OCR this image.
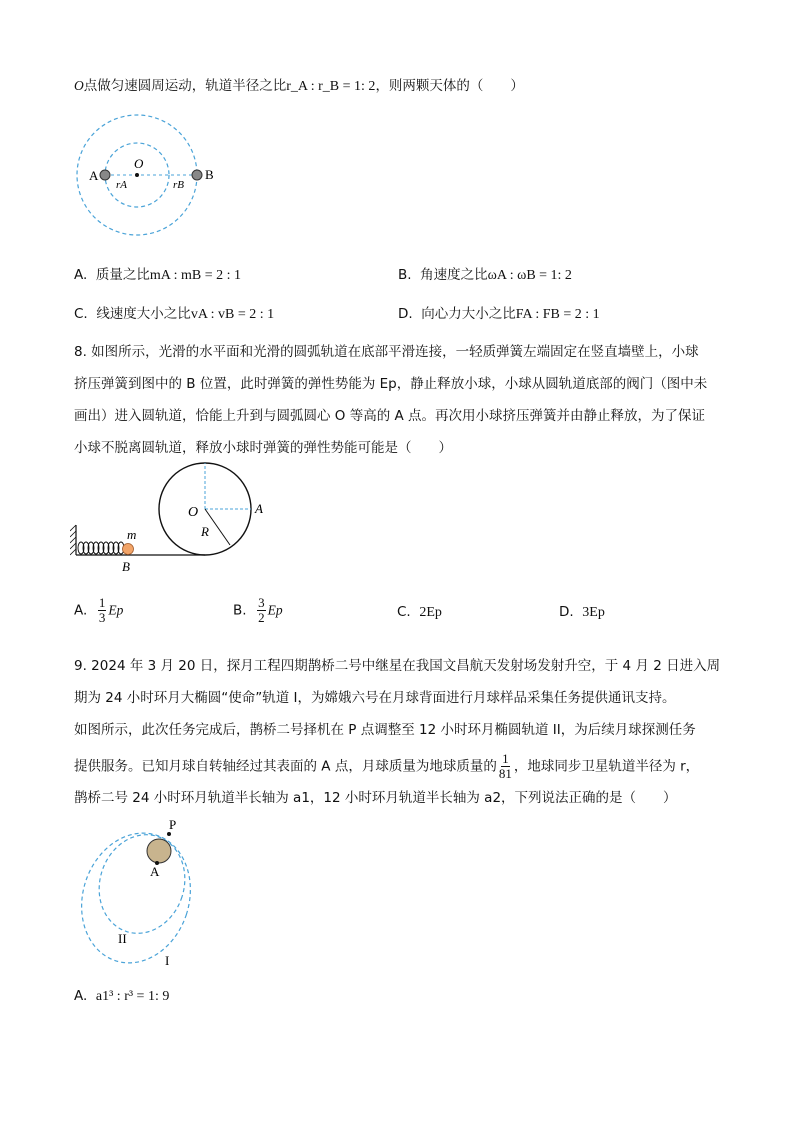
O点做匀速圆周运动，轨道半径之比r_A : r_B = 1: 2，则两颗天体的（　　）
A	B
O
rA	rB
A. 质量之比mA : mB = 2 : 1	B. 角速度之比ωA : ωB = 1: 2
C. 线速度大小之比vA : vB = 2 : 1	D. 向心力大小之比FA : FB = 2 : 1
8. 如图所示，光滑的水平面和光滑的圆弧轨道在底部平滑连接，一轻质弹簧左端固定在竖直墙壁上，小球
挤压弹簧到图中的 B 位置，此时弹簧的弹性势能为 Ep，静止释放小球，小球从圆轨道底部的阀门（图中未
画出）进入圆轨道，恰能上升到与圆弧圆心 O 等高的 A 点。再次用小球挤压弹簧并由静止释放，为了保证
小球不脱离圆轨道，释放小球时弹簧的弹性势能可能是（　　）
m
B
O	A
R
A. $\frac{1}{3}$ Ep	B. $\frac{3}{2}$ Ep	C. 2Ep	D. 3Ep
9. 2024 年 3 月 20 日，探月工程四期鹊桥二号中继星在我国文昌航天发射场发射升空，于 4 月 2 日进入周
期为 24 小时环月大椭圆“使命”轨道 I，为嫦娥六号在月球背面进行月球样品采集任务提供通讯支持。
如图所示，此次任务完成后，鹊桥二号择机在 P 点调整至 12 小时环月椭圆轨道 II，为后续月球探测任务
提供服务。已知月球自转轴经过其表面的 A 点，月球质量为地球质量的 $\frac{1}{81}$ ，地球同步卫星轨道半径为 r，
鹊桥二号 24 小时环月轨道半长轴为 a1，12 小时环月轨道半长轴为 a2，下列说法正确的是（　　）
P
A
II
I
A. a1³ : r³ = 1: 9
